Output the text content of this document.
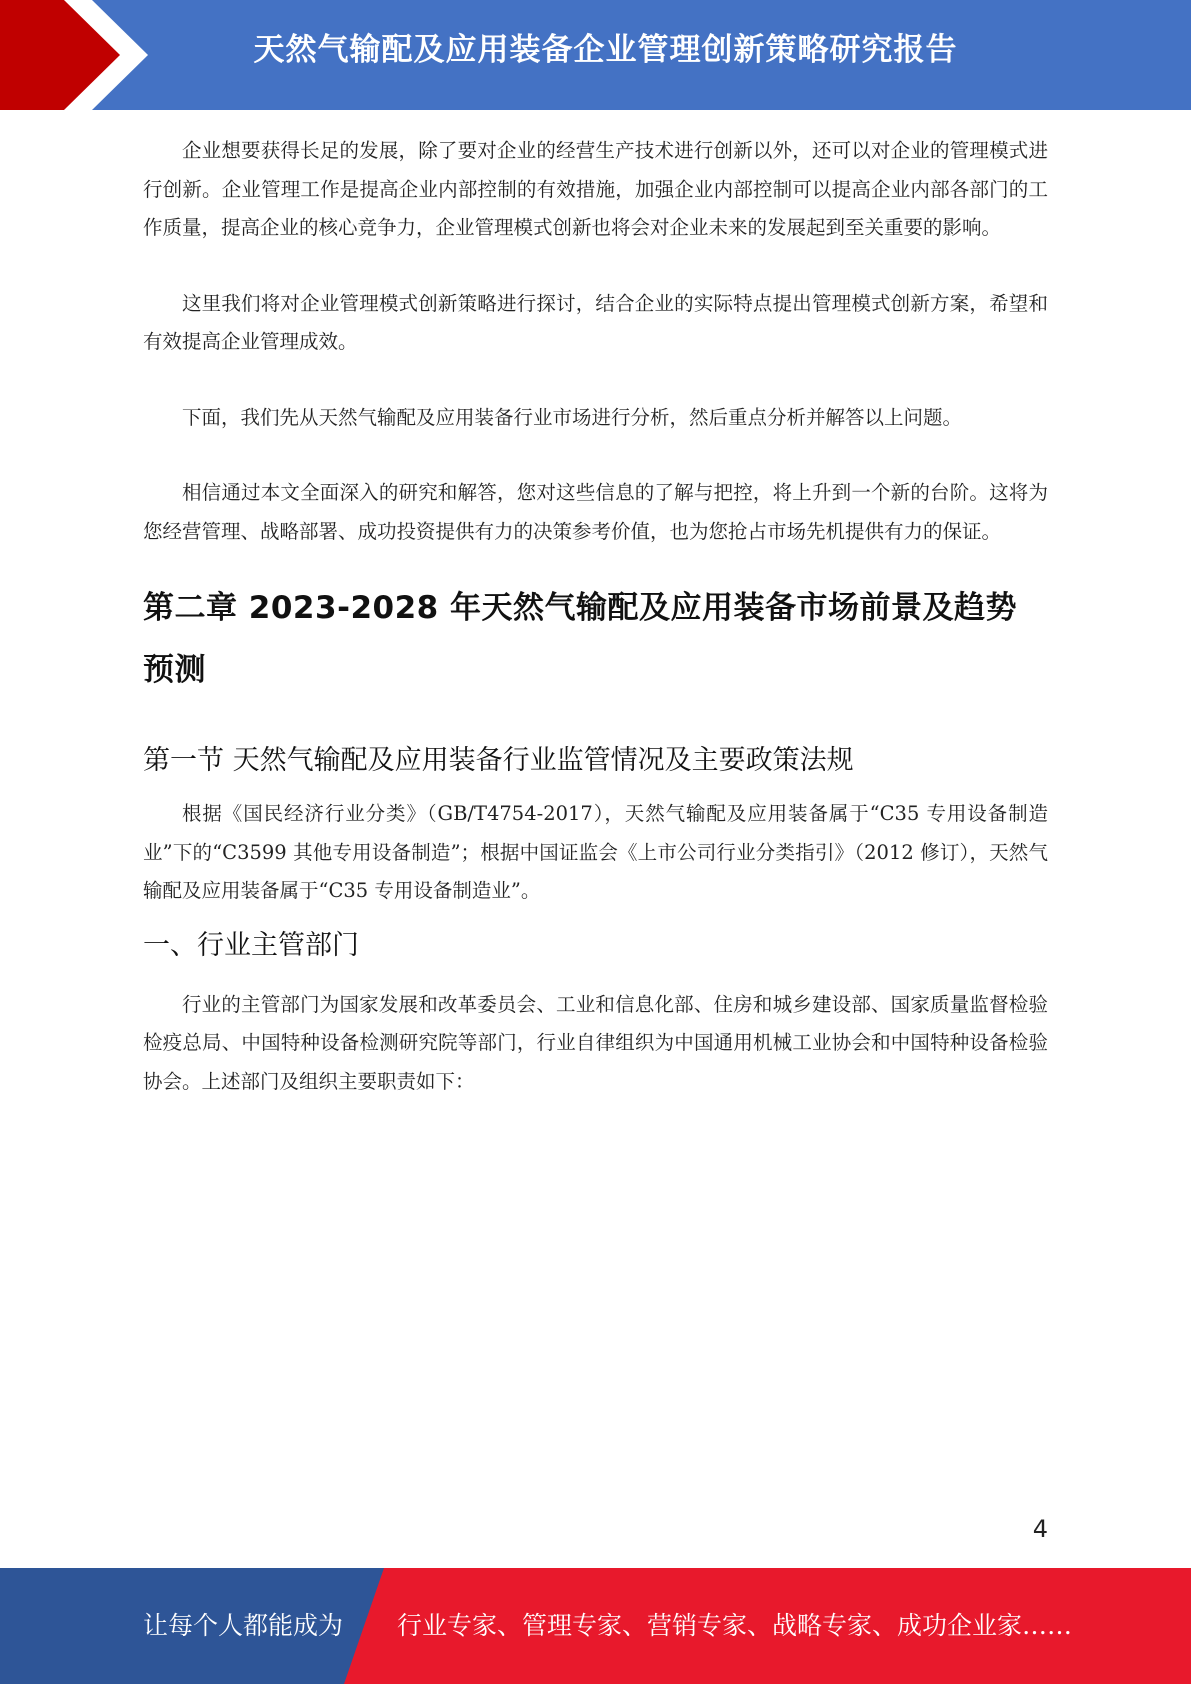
天然气输配及应用装备企业管理创新策略研究报告

企业想要获得长足的发展，除了要对企业的经营生产技术进行创新以外，还可以对企业的管理模式进行创新。企业管理工作是提高企业内部控制的有效措施，加强企业内部控制可以提高企业内部各部门的工作质量，提高企业的核心竞争力，企业管理模式创新也将会对企业未来的发展起到至关重要的影响。

这里我们将对企业管理模式创新策略进行探讨，结合企业的实际特点提出管理模式创新方案，希望和有效提高企业管理成效。

下面，我们先从天然气输配及应用装备行业市场进行分析，然后重点分析并解答以上问题。

相信通过本文全面深入的研究和解答，您对这些信息的了解与把控，将上升到一个新的台阶。这将为您经营管理、战略部署、成功投资提供有力的决策参考价值，也为您抢占市场先机提供有力的保证。

第二章 2023-2028 年天然气输配及应用装备市场前景及趋势预测
第一节 天然气输配及应用装备行业监管情况及主要政策法规

根据《国民经济行业分类》（GB/T4754-2017），天然气输配及应用装备属于“C35 专用设备制造业”下的“C3599 其他专用设备制造”；根据中国证监会《上市公司行业分类指引》（2012 修订），天然气输配及应用装备属于“C35 专用设备制造业”。

一、行业主管部门

行业的主管部门为国家发展和改革委员会、工业和信息化部、住房和城乡建设部、国家质量监督检验检疫总局、中国特种设备检测研究院等部门，行业自律组织为中国通用机械工业协会和中国特种设备检验协会。上述部门及组织主要职责如下：

4
让每个人都能成为 行业专家、管理专家、营销专家、战略专家、成功企业家……
